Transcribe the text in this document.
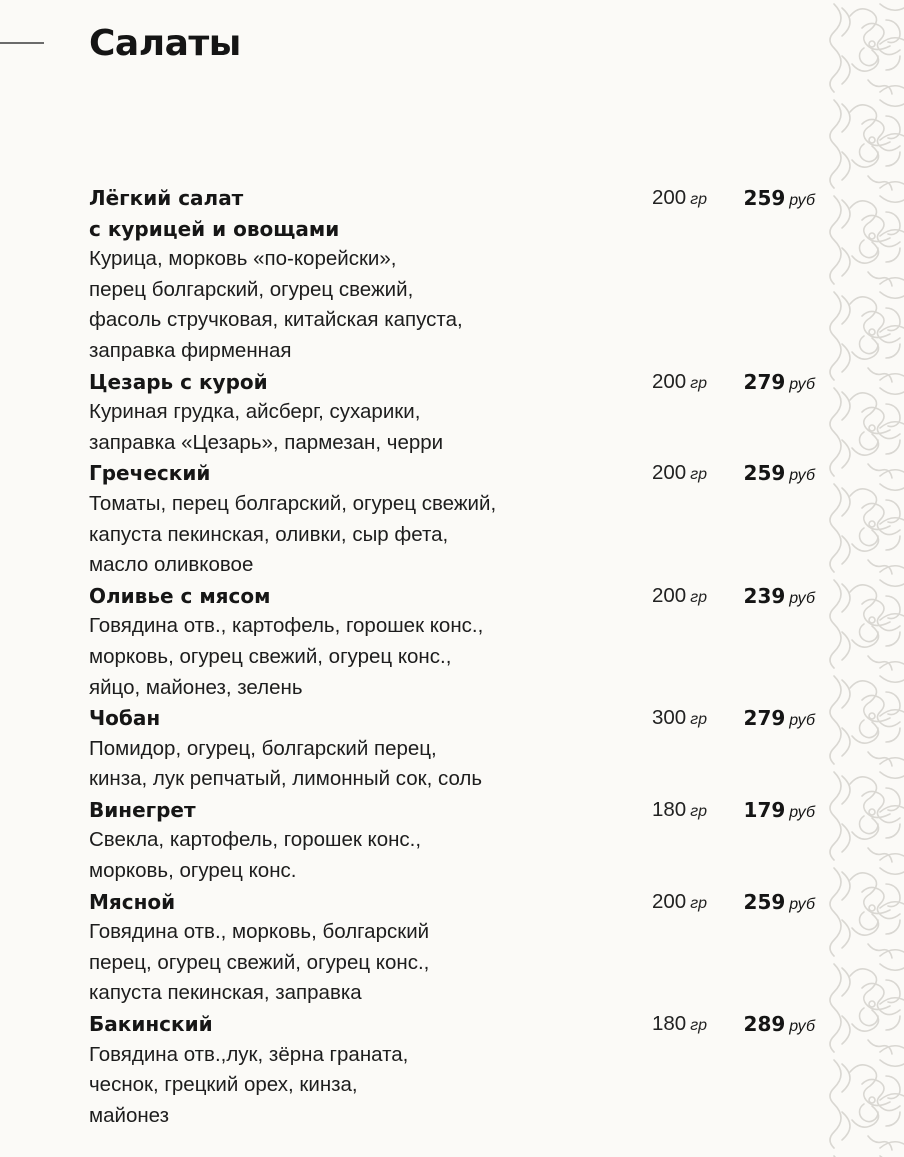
Салаты
Лёгкий салат
с курицей и овощами
Курица, морковь «по-корейски»,
перец болгарский, огурец свежий,
фасоль стручковая, китайская капуста,
заправка фирменная
200 гр 259 руб
Цезарь с курой
Куриная грудка, айсберг, сухарики,
заправка «Цезарь», пармезан, черри
200 гр 279 руб
Греческий
Томаты, перец болгарский, огурец свежий,
капуста пекинская, оливки, сыр фета,
масло оливковое
200 гр 259 руб
Оливье с мясом
Говядина отв., картофель, горошек конс.,
морковь, огурец свежий, огурец конс.,
яйцо, майонез, зелень
200 гр 239 руб
Чобан
Помидор, огурец, болгарский перец,
кинза, лук репчатый, лимонный сок, соль
300 гр 279 руб
Винегрет
Свекла, картофель, горошек конс.,
морковь, огурец конс.
180 гр 179 руб
Мясной
Говядина отв., морковь, болгарский
перец, огурец свежий, огурец конс.,
капуста пекинская, заправка
200 гр 259 руб
Бакинский
Говядина отв.,лук, зёрна граната,
чеснок, грецкий орех, кинза,
майонез
180 гр 289 руб
